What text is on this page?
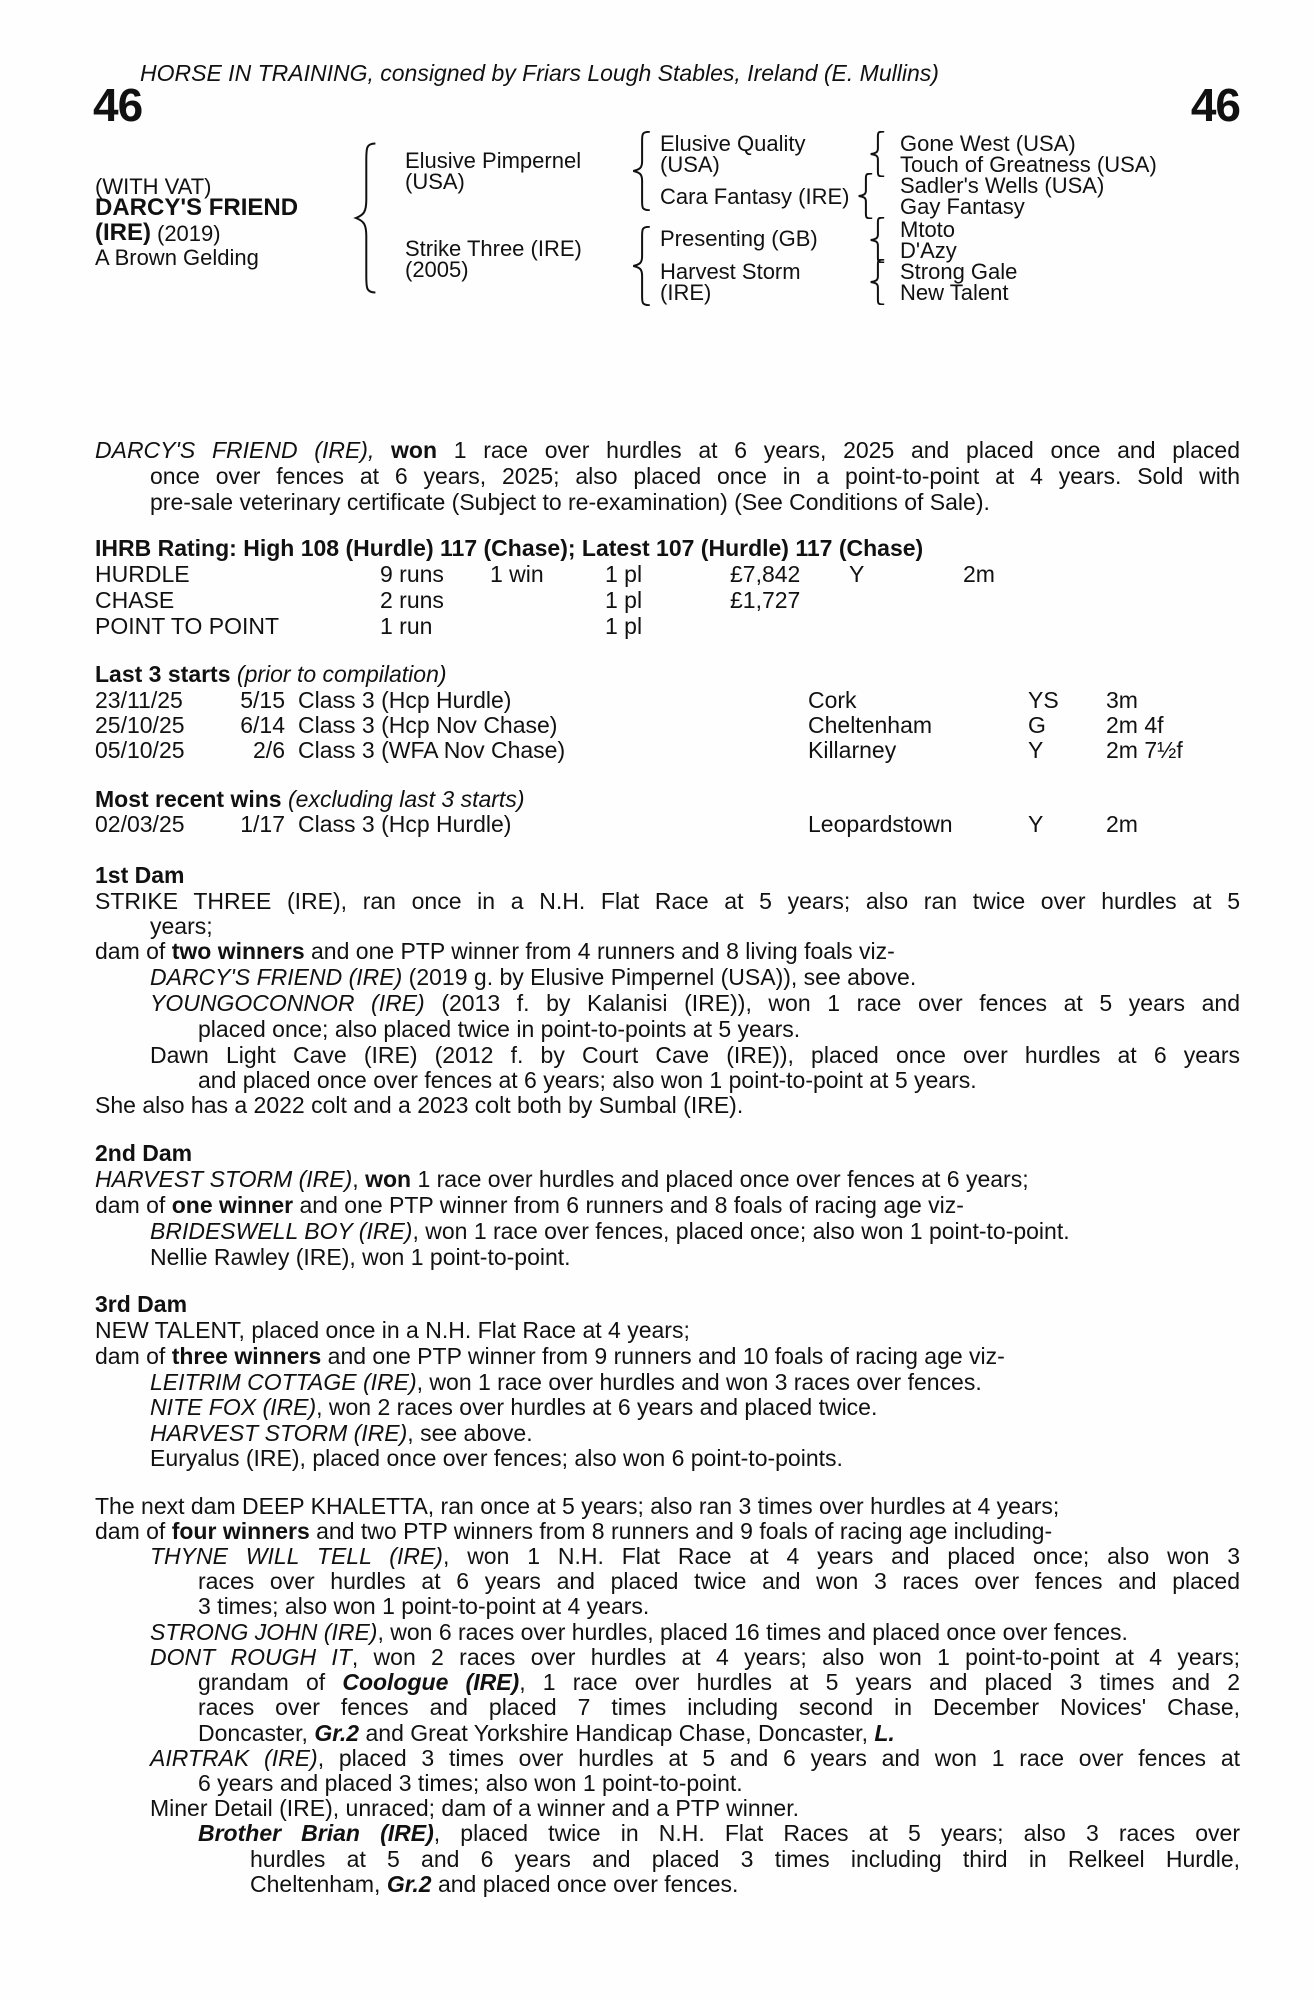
HORSE IN TRAINING, consigned by Friars Lough Stables, Ireland (E. Mullins)
46	46
(WITH VAT)
DARCY'S FRIEND
(IRE) (2019)
A Brown Gelding
Elusive Pimpernel
(USA)
Strike Three (IRE)
(2005)
Elusive Quality
(USA)
Cara Fantasy (IRE)
Presenting (GB)
Harvest Storm
(IRE)
Gone West (USA)
Touch of Greatness (USA)
Sadler's Wells (USA)
Gay Fantasy
Mtoto
D'Azy
Strong Gale
New Talent
DARCY'S FRIEND (IRE), won 1 race over hurdles at 6 years, 2025 and placed once and placed
once over fences at 6 years, 2025; also placed once in a point-to-point at 4 years. Sold with
pre-sale veterinary certificate (Subject to re-examination) (See Conditions of Sale).
IHRB Rating: High 108 (Hurdle) 117 (Chase); Latest 107 (Hurdle) 117 (Chase)
HURDLE	9 runs 1 win	1 pl	£7,842 Y	2m
CHASE	2 runs	1 pl	£1,727
POINT TO POINT	1 run	1 pl
Last 3 starts (prior to compilation)
23/11/25	5/15 Class 3 (Hcp Hurdle)	Cork	YS 3m
25/10/25	6/14 Class 3 (Hcp Nov Chase)	Cheltenham	G	2m 4f
05/10/25	2/6 Class 3 (WFA Nov Chase)	Killarney	Y	2m 7½f
Most recent wins (excluding last 3 starts)
02/03/25	1/17 Class 3 (Hcp Hurdle)	Leopardstown	Y	2m
1st Dam
STRIKE THREE (IRE), ran once in a N.H. Flat Race at 5 years; also ran twice over hurdles at 5
years;
dam of two winners and one PTP winner from 4 runners and 8 living foals viz-
DARCY'S FRIEND (IRE) (2019 g. by Elusive Pimpernel (USA)), see above.
YOUNGOCONNOR (IRE) (2013 f. by Kalanisi (IRE)), won 1 race over fences at 5 years and
placed once; also placed twice in point-to-points at 5 years.
Dawn Light Cave (IRE) (2012 f. by Court Cave (IRE)), placed once over hurdles at 6 years
and placed once over fences at 6 years; also won 1 point-to-point at 5 years.
She also has a 2022 colt and a 2023 colt both by Sumbal (IRE).
2nd Dam
HARVEST STORM (IRE), won 1 race over hurdles and placed once over fences at 6 years;
dam of one winner and one PTP winner from 6 runners and 8 foals of racing age viz-
BRIDESWELL BOY (IRE), won 1 race over fences, placed once; also won 1 point-to-point.
Nellie Rawley (IRE), won 1 point-to-point.
3rd Dam
NEW TALENT, placed once in a N.H. Flat Race at 4 years;
dam of three winners and one PTP winner from 9 runners and 10 foals of racing age viz-
LEITRIM COTTAGE (IRE), won 1 race over hurdles and won 3 races over fences.
NITE FOX (IRE), won 2 races over hurdles at 6 years and placed twice.
HARVEST STORM (IRE), see above.
Euryalus (IRE), placed once over fences; also won 6 point-to-points.
The next dam DEEP KHALETTA, ran once at 5 years; also ran 3 times over hurdles at 4 years;
dam of four winners and two PTP winners from 8 runners and 9 foals of racing age including-
THYNE WILL TELL (IRE), won 1 N.H. Flat Race at 4 years and placed once; also won 3
races over hurdles at 6 years and placed twice and won 3 races over fences and placed
3 times; also won 1 point-to-point at 4 years.
STRONG JOHN (IRE), won 6 races over hurdles, placed 16 times and placed once over fences.
DONT ROUGH IT, won 2 races over hurdles at 4 years; also won 1 point-to-point at 4 years;
grandam of Coologue (IRE), 1 race over hurdles at 5 years and placed 3 times and 2
races over fences and placed 7 times including second in December Novices' Chase,
Doncaster, Gr.2 and Great Yorkshire Handicap Chase, Doncaster, L.
AIRTRAK (IRE), placed 3 times over hurdles at 5 and 6 years and won 1 race over fences at
6 years and placed 3 times; also won 1 point-to-point.
Miner Detail (IRE), unraced; dam of a winner and a PTP winner.
Brother Brian (IRE), placed twice in N.H. Flat Races at 5 years; also 3 races over
hurdles at 5 and 6 years and placed 3 times including third in Relkeel Hurdle,
Cheltenham, Gr.2 and placed once over fences.
